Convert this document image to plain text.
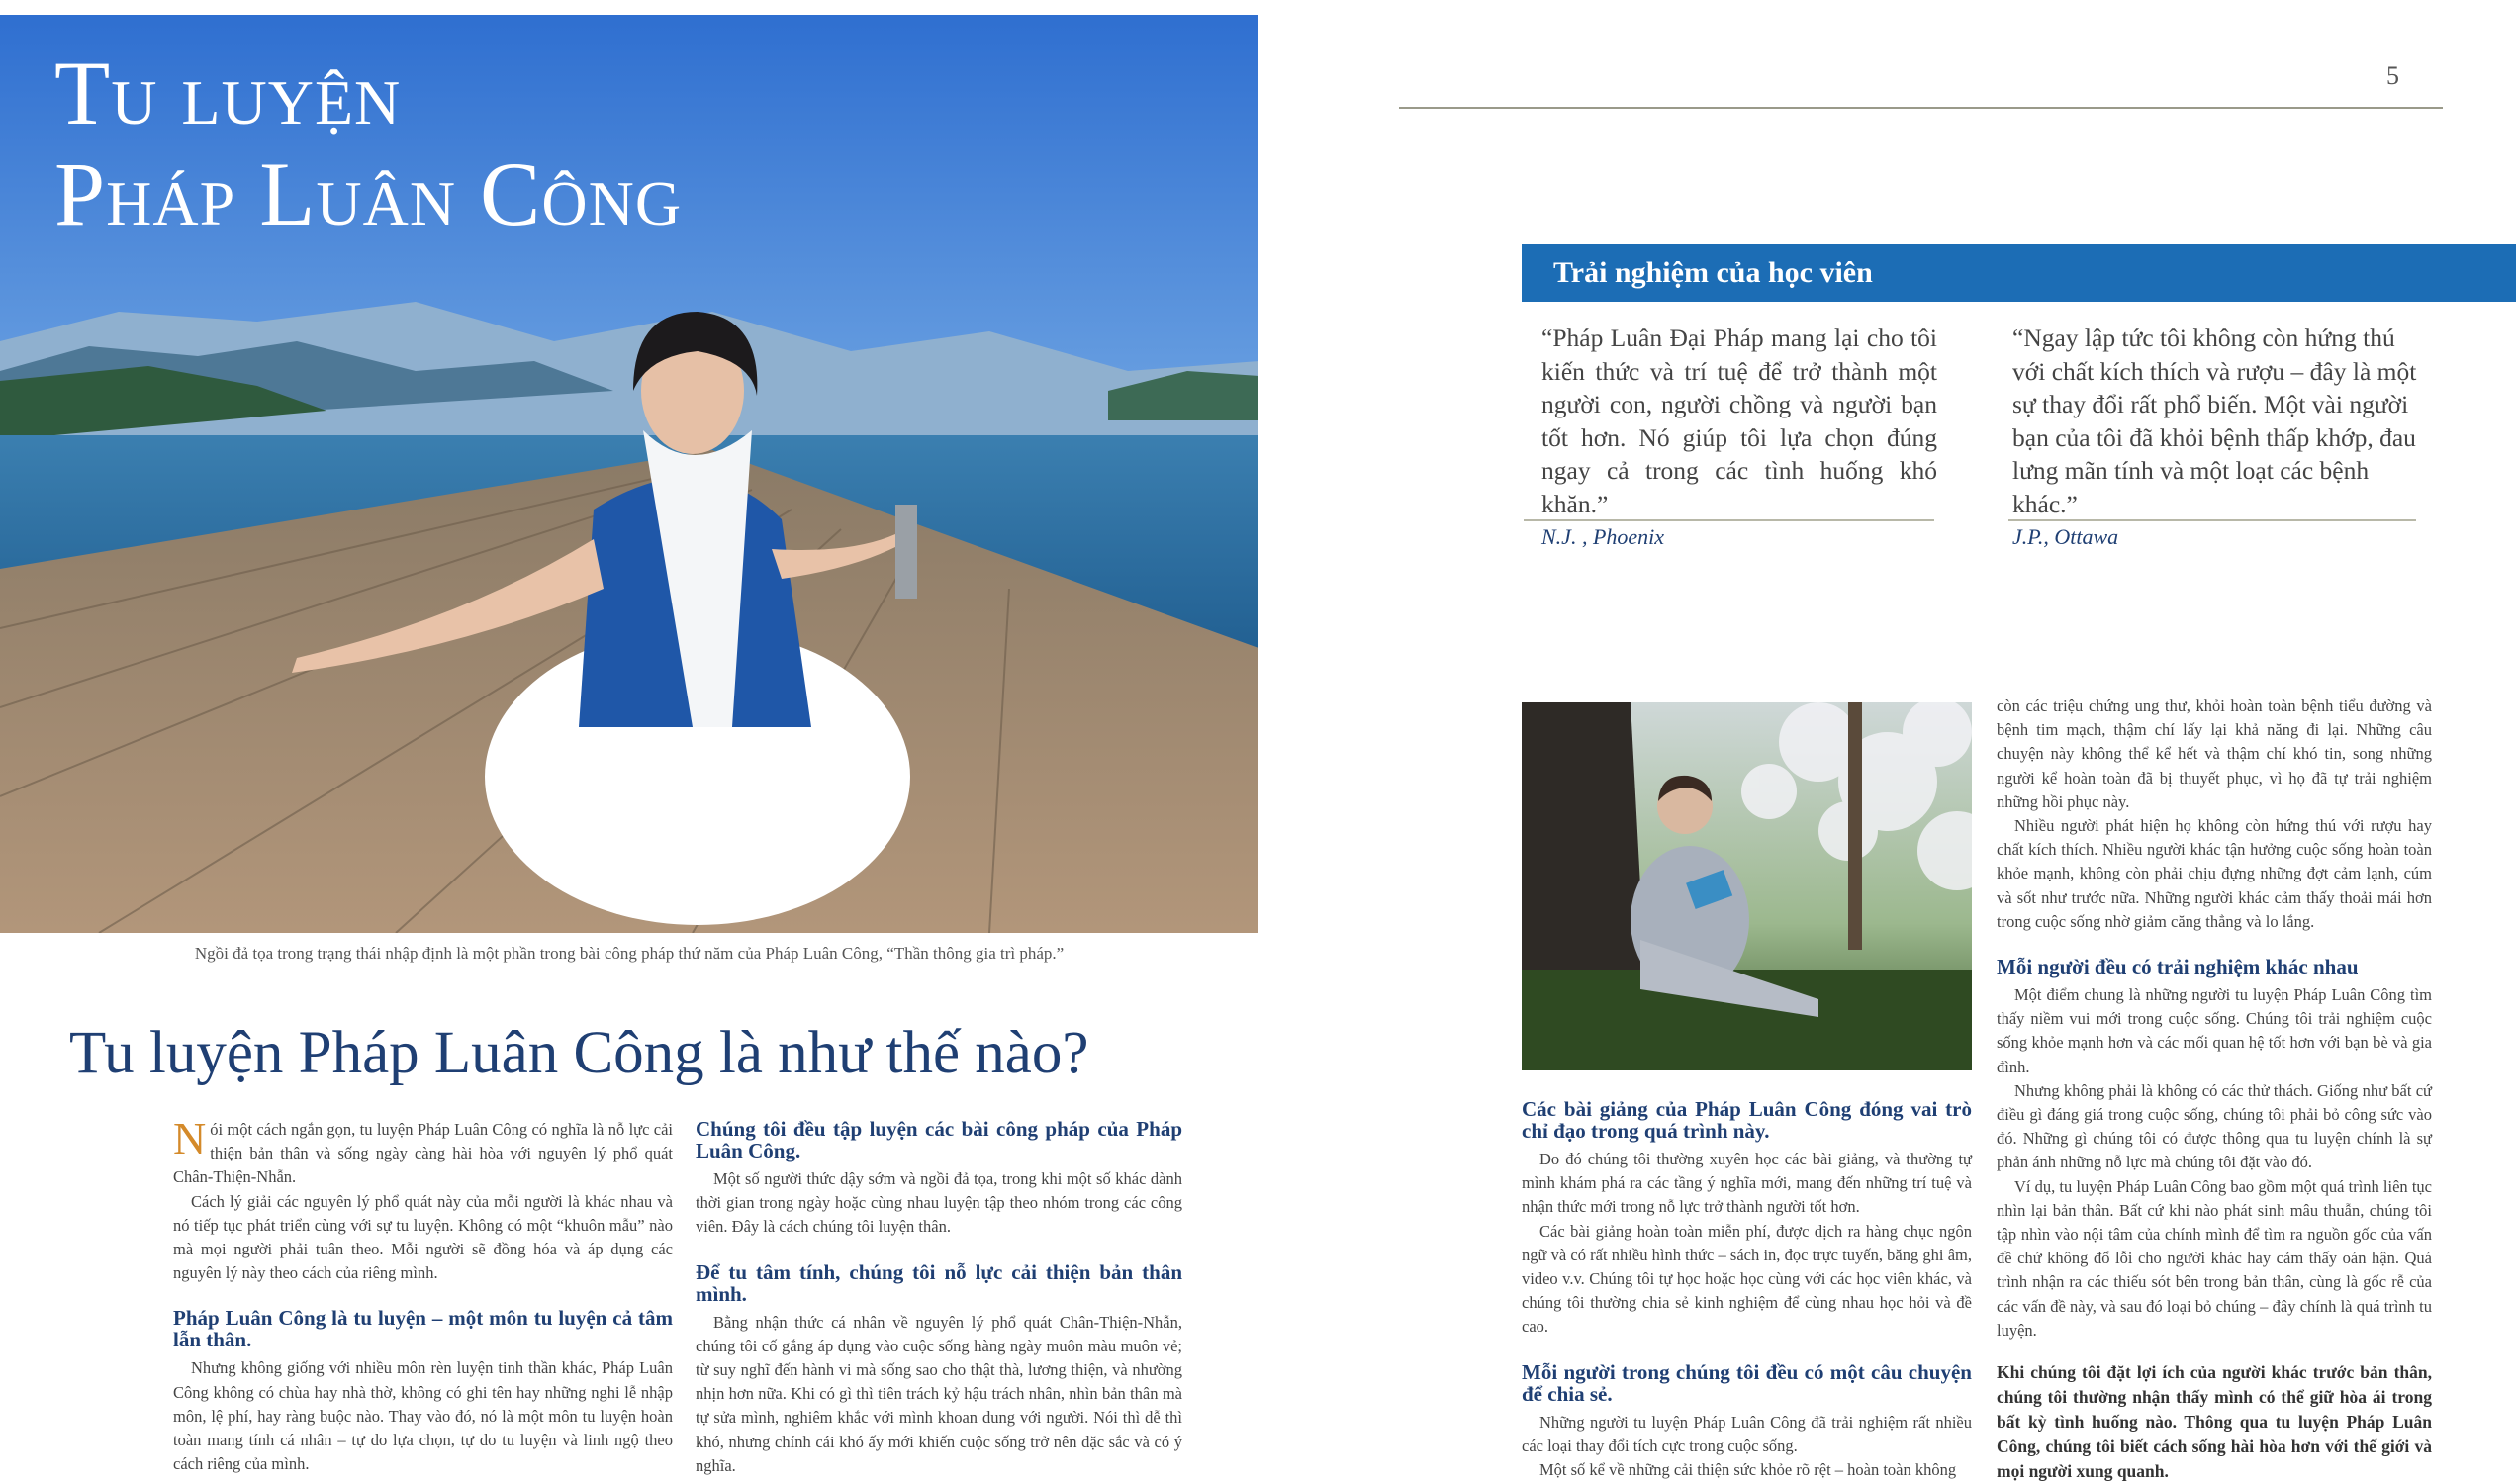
Tu luyện
Pháp Luân Công
Ngồi đả tọa trong trạng thái nhập định là một phần trong bài công pháp thứ năm của Pháp Luân Công, “Thần thông gia trì pháp.”
Tu luyện Pháp Luân Công là như thế nào?

Nói một cách ngắn gọn, tu luyện Pháp Luân Công có nghĩa là nỗ lực cải thiện bản thân và sống ngày càng hài hòa với nguyên lý phổ quát Chân-Thiện-Nhẫn.

Cách lý giải các nguyên lý phổ quát này của mỗi người là khác nhau và nó tiếp tục phát triển cùng với sự tu luyện. Không có một “khuôn mẫu” nào mà mọi người phải tuân theo. Mỗi người sẽ đồng hóa và áp dụng các nguyên lý này theo cách của riêng mình.

Pháp Luân Công là tu luyện – một môn tu luyện cả tâm lẫn thân.

Nhưng không giống với nhiều môn rèn luyện tinh thần khác, Pháp Luân Công không có chùa hay nhà thờ, không có ghi tên hay những nghi lễ nhập môn, lệ phí, hay ràng buộc nào. Thay vào đó, nó là một môn tu luyện hoàn toàn mang tính cá nhân – tự do lựa chọn, tự do tu luyện và linh ngộ theo cách riêng của mình.

Chúng tôi đều tập luyện các bài công pháp của Pháp Luân Công.

Một số người thức dậy sớm và ngồi đả tọa, trong khi một số khác dành thời gian trong ngày hoặc cùng nhau luyện tập theo nhóm trong các công viên. Đây là cách chúng tôi luyện thân.

Để tu tâm tính, chúng tôi nỗ lực cải thiện bản thân mình.

Bằng nhận thức cá nhân về nguyên lý phổ quát Chân-Thiện-Nhẫn, chúng tôi cố gắng áp dụng vào cuộc sống hàng ngày muôn màu muôn vẻ; từ suy nghĩ đến hành vi mà sống sao cho thật thà, lương thiện, và nhường nhịn hơn nữa. Khi có gì thì tiên trách kỷ hậu trách nhân, nhìn bản thân mà tự sửa mình, nghiêm khắc với mình khoan dung với người. Nói thì dễ thì khó, nhưng chính cái khó ấy mới khiến cuộc sống trở nên đặc sắc và có ý nghĩa.

5
Trải nghiệm của học viên
“Pháp Luân Đại Pháp mang lại cho tôi kiến thức và trí tuệ để trở thành một người con, người chồng và người bạn tốt hơn. Nó giúp tôi lựa chọn đúng ngay cả trong các tình huống khó khăn.”
N.J. , Phoenix
“Ngay lập tức tôi không còn hứng thú với chất kích thích và rượu – đây là một sự thay đổi rất phổ biến. Một vài người bạn của tôi đã khỏi bệnh thấp khớp, đau lưng mãn tính và một loạt các bệnh khác.”
J.P., Ottawa
Các bài giảng của Pháp Luân Công đóng vai trò chỉ đạo trong quá trình này.

Do đó chúng tôi thường xuyên học các bài giảng, và thường tự mình khám phá ra các tầng ý nghĩa mới, mang đến những trí tuệ và nhận thức mới trong nỗ lực trở thành người tốt hơn.

Các bài giảng hoàn toàn miễn phí, được dịch ra hàng chục ngôn ngữ và có rất nhiều hình thức – sách in, đọc trực tuyến, băng ghi âm, video v.v. Chúng tôi tự học hoặc học cùng với các học viên khác, và chúng tôi thường chia sẻ kinh nghiệm để cùng nhau học hỏi và đề cao.

Mỗi người trong chúng tôi đều có một câu chuyện để chia sẻ.

Những người tu luyện Pháp Luân Công đã trải nghiệm rất nhiều các loại thay đổi tích cực trong cuộc sống.

Một số kể về những cải thiện sức khỏe rõ rệt – hoàn toàn không

còn các triệu chứng ung thư, khỏi hoàn toàn bệnh tiểu đường và bệnh tim mạch, thậm chí lấy lại khả năng đi lại. Những câu chuyện này không thể kể hết và thậm chí khó tin, song những người kể hoàn toàn đã bị thuyết phục, vì họ đã tự trải nghiệm những hồi phục này.

Nhiều người phát hiện họ không còn hứng thú với rượu hay chất kích thích. Nhiều người khác tận hưởng cuộc sống hoàn toàn khỏe mạnh, không còn phải chịu đựng những đợt cảm lạnh, cúm và sốt như trước nữa. Những người khác cảm thấy thoải mái hơn trong cuộc sống nhờ giảm căng thẳng và lo lắng.

Mỗi người đều có trải nghiệm khác nhau

Một điểm chung là những người tu luyện Pháp Luân Công tìm thấy niềm vui mới trong cuộc sống. Chúng tôi trải nghiệm cuộc sống khỏe mạnh hơn và các mối quan hệ tốt hơn với bạn bè và gia đình.

Nhưng không phải là không có các thử thách. Giống như bất cứ điều gì đáng giá trong cuộc sống, chúng tôi phải bỏ công sức vào đó. Những gì chúng tôi có được thông qua tu luyện chính là sự phản ánh những nỗ lực mà chúng tôi đặt vào đó.

Ví dụ, tu luyện Pháp Luân Công bao gồm một quá trình liên tục nhìn lại bản thân. Bất cứ khi nào phát sinh mâu thuẫn, chúng tôi tập nhìn vào nội tâm của chính mình để tìm ra nguồn gốc của vấn đề chứ không đổ lỗi cho người khác hay cảm thấy oán hận. Quá trình nhận ra các thiếu sót bên trong bản thân, cùng là gốc rễ của các vấn đề này, và sau đó loại bỏ chúng – đây chính là quá trình tu luyện.

Khi chúng tôi đặt lợi ích của người khác trước bản thân, chúng tôi thường nhận thấy mình có thể giữ hòa ái trong bất kỳ tình huống nào. Thông qua tu luyện Pháp Luân Công, chúng tôi biết cách sống hài hòa hơn với thế giới và mọi người xung quanh.
